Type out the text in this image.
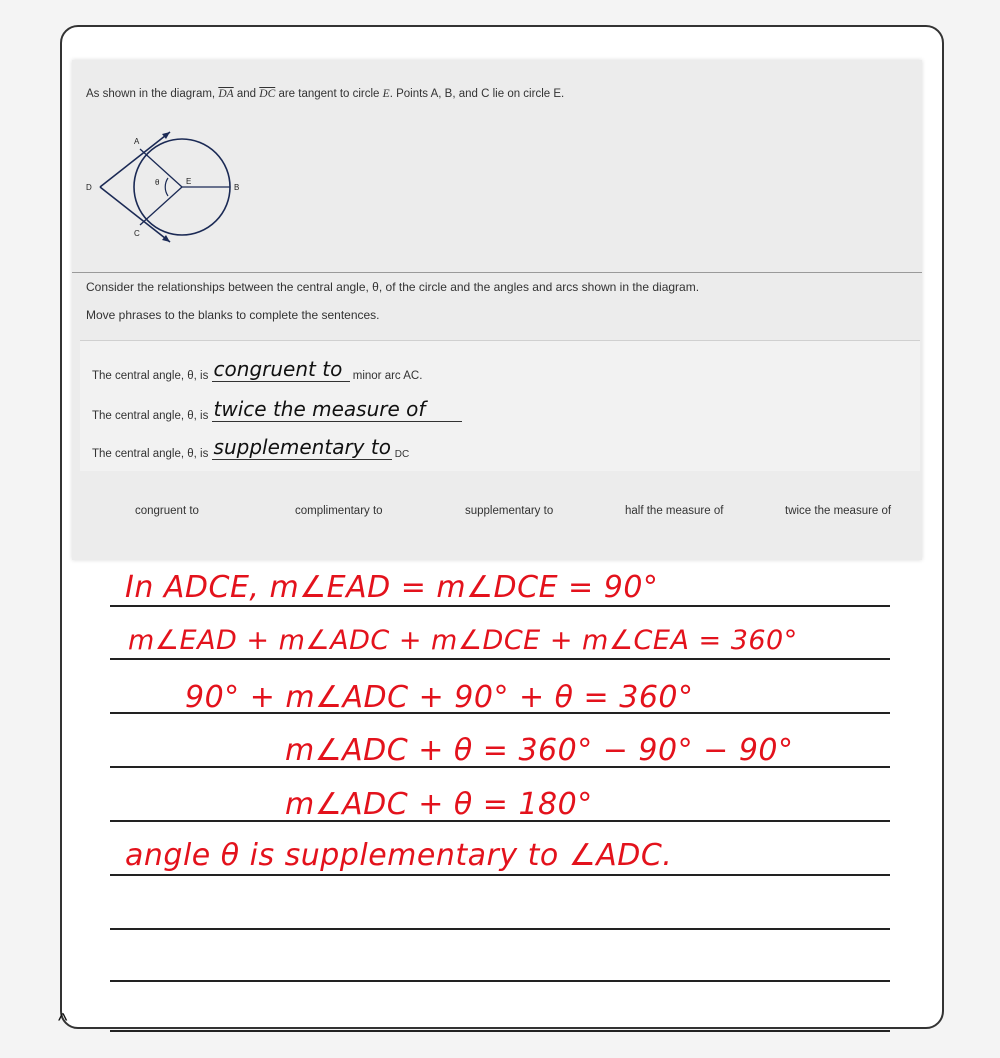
As shown in the diagram, $\overline{DA}$ and $\overline{DC}$ are tangent to circle E. Points A, B, and C lie on circle E.
A
B
C
D
E
θ
Consider the relationships between the central angle, θ, of the circle and the angles and arcs shown in the diagram.
Move phrases to the blanks to complete the sentences.
The central angle, θ, is congruent to minor arc AC.
The central angle, θ, is twice the measure of
The central angle, θ, is supplementary to DC
congruent to	complimentary to	supplementary to	half the measure of	twice the measure of
In ADCE, m∠EAD = m∠DCE = 90°
m∠EAD + m∠ADC + m∠DCE + m∠CEA = 360°
90° + m∠ADC + 90° + θ = 360°
m∠ADC + θ = 360° − 90° − 90°
m∠ADC + θ = 180°
angle θ is supplementary to ∠ADC.
^
